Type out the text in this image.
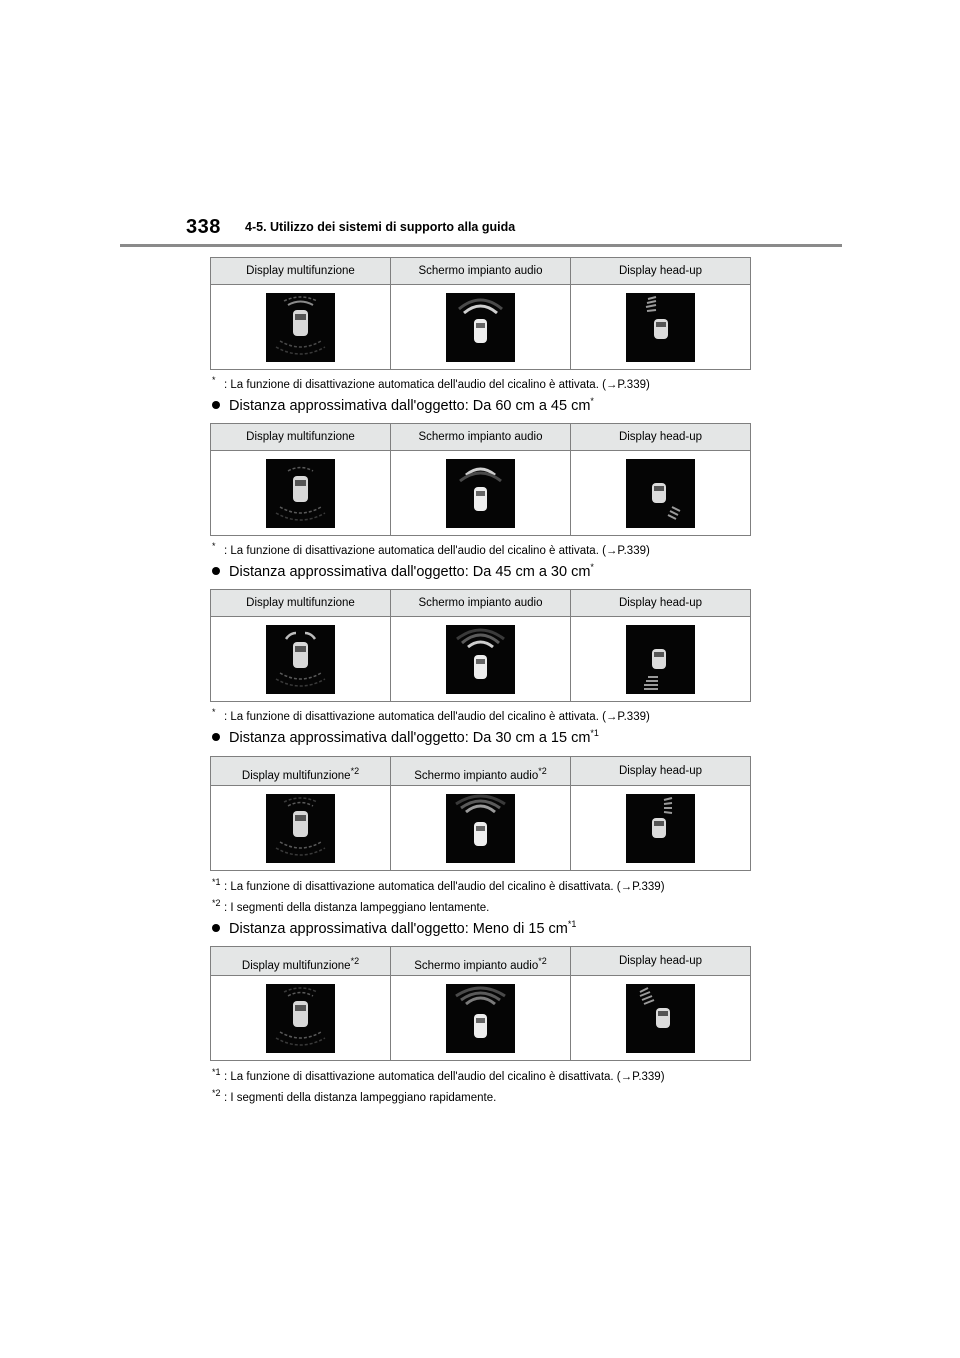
338 4-5. Utilizzo dei sistemi di supporto alla guida
Display multifunzione	Schermo impianto audio	Display head-up
* : La funzione di disattivazione automatica dell'audio del cicalino è attivata. (→P.339)
Distanza approssimativa dall'oggetto: Da 60 cm a 45 cm*
Display multifunzione	Schermo impianto audio	Display head-up
* : La funzione di disattivazione automatica dell'audio del cicalino è attivata. (→P.339)
Distanza approssimativa dall'oggetto: Da 45 cm a 30 cm*
Display multifunzione	Schermo impianto audio	Display head-up
* : La funzione di disattivazione automatica dell'audio del cicalino è attivata. (→P.339)
Distanza approssimativa dall'oggetto: Da 30 cm a 15 $cm^{*1}$
Display multifunzione$^{*2}$	Schermo impianto audio$^{*2}$	Display head-up
$^{*1}$ : La funzione di disattivazione automatica dell'audio del cicalino è disattivata. (→P.339)
$^{*2}$ : I segmenti della distanza lampeggiano lentamente.
Distanza approssimativa dall'oggetto: Meno di 15 $cm^{*1}$
Display multifunzione$^{*2}$	Schermo impianto audio$^{*2}$	Display head-up
$^{*1}$ : La funzione di disattivazione automatica dell'audio del cicalino è disattivata. (→P.339)
$^{*2}$ : I segmenti della distanza lampeggiano rapidamente.
